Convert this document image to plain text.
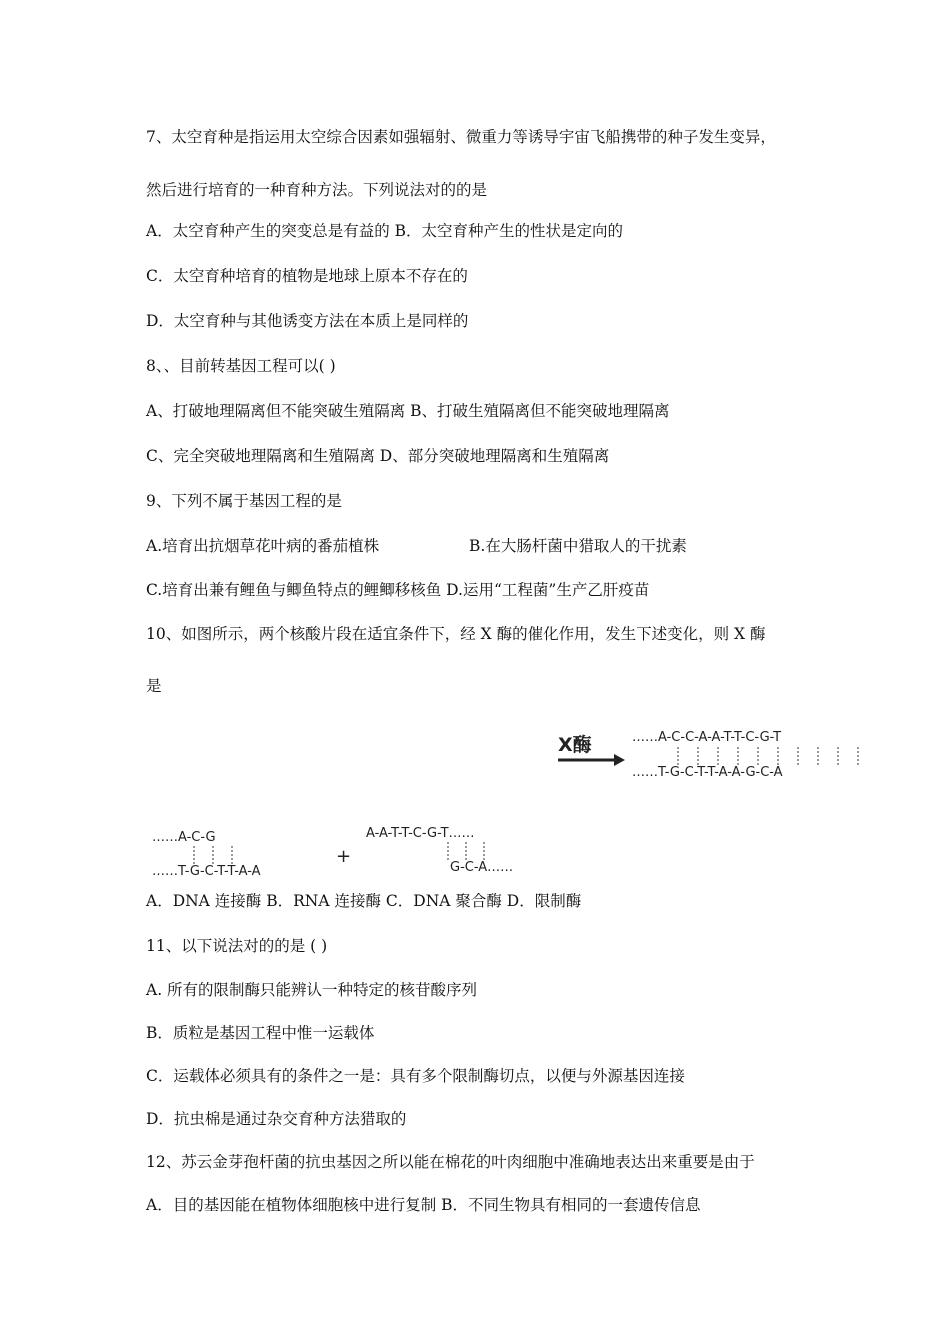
7、太空育种是指运用太空综合因素如强辐射、微重力等诱导宇宙飞船携带的种子发生变异，
然后进行培育的一种育种方法。下列说法对的的是
A．太空育种产生的突变总是有益的 B．太空育种产生的性状是定向的
C．太空育种培育的植物是地球上原本不存在的
D．太空育种与其他诱变方法在本质上是同样的
8、、目前转基因工程可以( )
A、打破地理隔离但不能突破生殖隔离 B、打破生殖隔离但不能突破地理隔离
C、完全突破地理隔离和生殖隔离 D、部分突破地理隔离和生殖隔离
9、下列不属于基因工程的是
A.培育出抗烟草花叶病的番茄植株	B.在大肠杆菌中猎取人的干扰素
C.培育出兼有鲤鱼与鲫鱼特点的鲤鲫移核鱼 D.运用“工程菌”生产乙肝疫苗
10、如图所示，两个核酸片段在适宜条件下，经 X 酶的催化作用，发生下述变化，则 X 酶
是
X酶	……A-C-C-A-A-T-T-C-G-T
……T-G-C-T-T-A-A-G-C-A
……A-C-G
……T-G-C-T-T-A-A
+
A-A-T-T-C-G-T……
G-C-A……
A．DNA 连接酶 B．RNA 连接酶 C．DNA 聚合酶 D．限制酶
11、以下说法对的的是 ( )
A. 所有的限制酶只能辨认一种特定的核苷酸序列
B．质粒是基因工程中惟一运载体
C．运载体必须具有的条件之一是：具有多个限制酶切点，以便与外源基因连接
D．抗虫棉是通过杂交育种方法猎取的
12、苏云金芽孢杆菌的抗虫基因之所以能在棉花的叶肉细胞中准确地表达出来重要是由于
A．目的基因能在植物体细胞核中进行复制 B．不同生物具有相同的一套遗传信息
